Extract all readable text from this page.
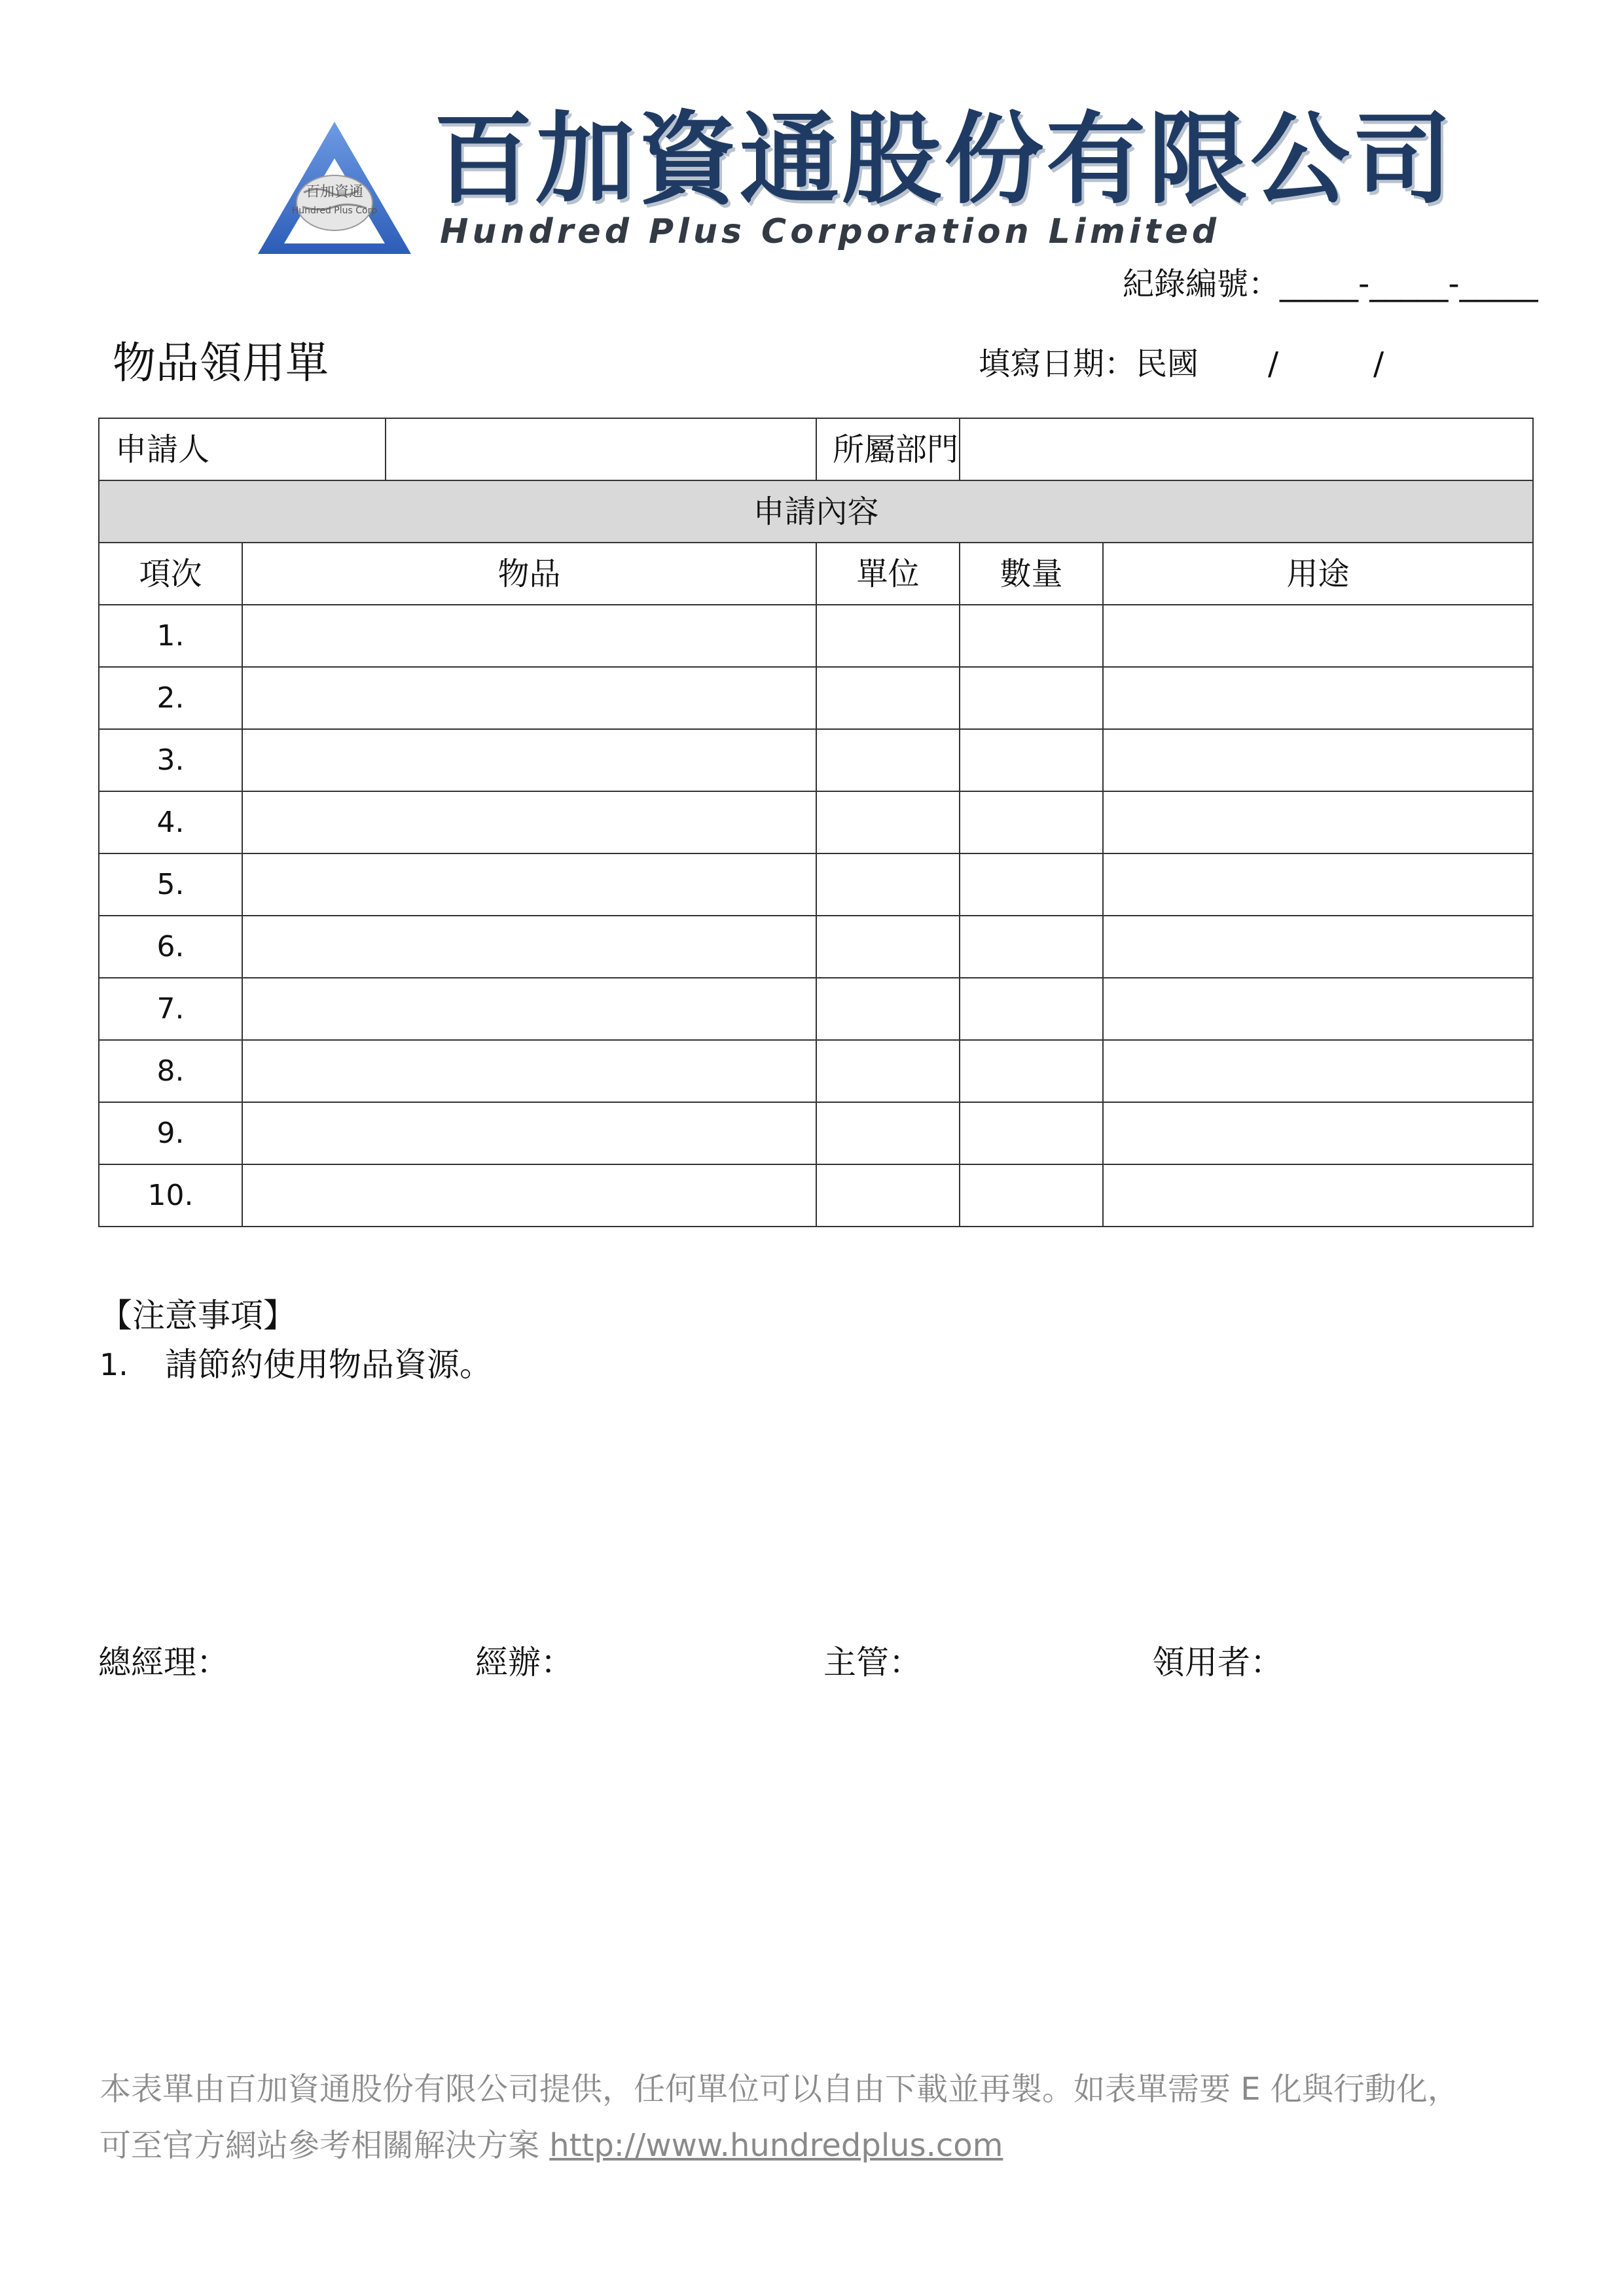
百加資通
Hundred Plus Corp 百加資通股份有限公司
Hundred Plus Corporation Limited
紀錄編號：_____-_____-_____
物品領用單	填寫日期：民國 /	/
申請人			所屬部門		
申請內容					
項次	物品		單位	數量	用途
1.					
2.					
3.					
4.					
5.					
6.					
7.					
8.					
9.					
10.					
【注意事項】
1. 請節約使用物品資源。
總經理：	經辦：	主管：	領用者：
本表單由百加資通股份有限公司提供，任何單位可以自由下載並再製。如表單需要 E 化與行動化，
可至官方網站參考相關解決方案 http://www.hundredplus.com
